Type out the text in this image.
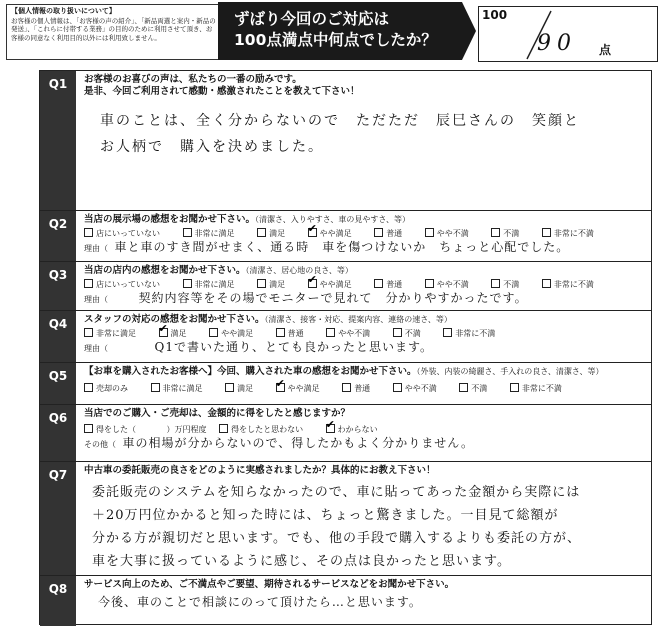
【個人情報の取り扱いについて】
お客様の個人情報は、「お客様の声の紹介」、「新品両選と案内・新品の発送」、「これらに付帯する業務」の目的のために利用させて頂き、お客様の同意なく利用目的以外には利用致しません。
ずばり今回のご対応は
100点満点中何点でしたか？
100
90 点
Q1	お客様のお喜びの声は、私たちの一番の励みです。
是非、今回ご利用されて感動・感激されたことを教えて下さい！
車のことは、全く分からないので　ただただ　辰巳さんの　笑顔と
お人柄で　購入を決めました。
Q2	当店の展示場の感想をお聞かせ下さい。（清潔さ、入りやすさ、車の見やすさ、等）
店にいっていない	非常に満足	満足 ✔	やや満足	普通	やや不満	不満	非常に不満
理由（ 車と車のすき間がせまく、通る時　車を傷つけないか　ちょっと心配でした。
Q3	当店の店内の感想をお聞かせ下さい。（清潔さ、居心地の良さ、等）
店にいっていない	非常に満足	満足 ✔	やや満足	普通	やや不満	不満	非常に不満
理由（	契約内容等をその場でモニターで見れて　分かりやすかったです。
Q4	スタッフの対応の感想をお聞かせ下さい。（清潔さ、接客・対応、提案内容、連絡の速さ、等）
非常に満足 ✔	満足	やや満足	普通	やや不満	不満	非常に不満
理由（	Q1で書いた通り、とても良かったと思います。
Q5	【お車を購入されたお客様へ】今回、購入された車の感想をお聞かせ下さい。（外装、内装の綺麗さ、手入れの良さ、清潔さ、等）
売却のみ	非常に満足	満足 ✔	やや満足	普通	やや不満	不満	非常に不満
Q6	当店でのご購入・ご売却は、金額的に得をしたと感じますか？
得をした（	）万円程度	得をしたと思わない ✔	わからない
その他（ 車の相場が分からないので、得したかもよく分かりません。
Q7	中古車の委託販売の良さをどのように実感されましたか？具体的にお教え下さい！
委託販売のシステムを知らなかったので、車に貼ってあった金額から実際には
＋20万円位かかると知った時には、ちょっと驚きました。一目見て総額が
分かる方が親切だと思います。でも、他の手段で購入するよりも委託の方が、
車を大事に扱っているように感じ、その点は良かったと思います。
Q8	サービス向上のため、ご不満点やご要望、期待されるサービスなどをお聞かせ下さい。
今後、車のことで相談にのって頂けたら…と思います。
